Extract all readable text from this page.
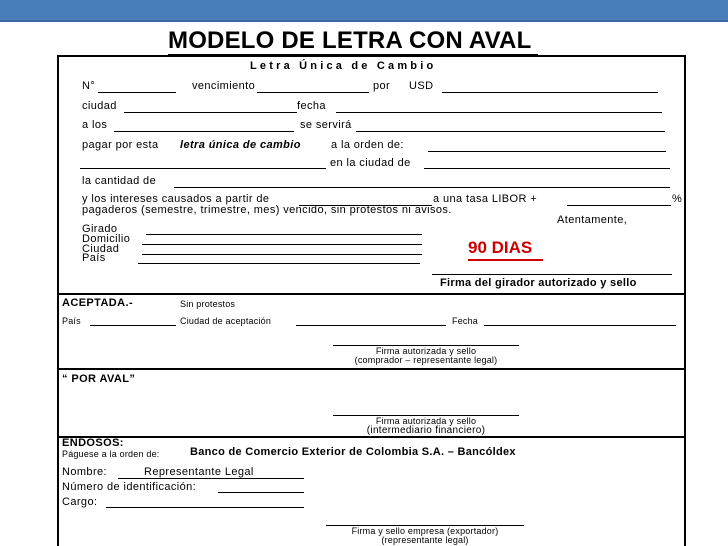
MODELO DE LETRA CON AVAL
Letra Única de Cambio
N°	vencimiento	por USD
ciudad	fecha
a los	se servirá
pagar por esta letra única de cambio	a la orden de:
en la ciudad de
la cantidad de
y los intereses causados a partir de	a una tasa LIBOR +	%
pagaderos (semestre, trimestre, mes) vencido, sin protestos ni avisos.
Atentamente,
Girado
Domicilio
Ciudad
País
90 DIAS
Firma del girador autorizado y sello
ACEPTADA.-	Sin protestos
País	Ciudad de aceptación	Fecha
Firma autorizada y sello
(comprador – representante legal)
“ POR AVAL”
Firma autorizada y sello
(intermediario financiero)
ENDOSOS:
Páguese a la orden de:	Banco de Comercio Exterior de Colombia S.A. – Bancóldex
Nombre:	Representante Legal
Número de identificación:
Cargo:
Firma y sello empresa (exportador)
(representante legal)
